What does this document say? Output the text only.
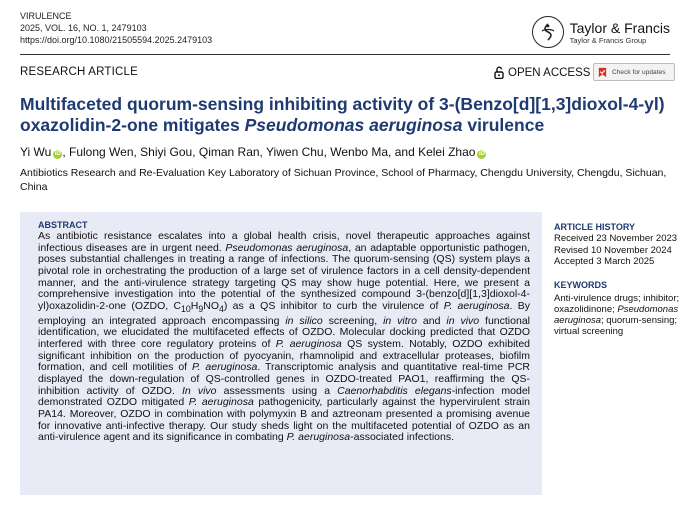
VIRULENCE
2025, VOL. 16, NO. 1, 2479103
https://doi.org/10.1080/21505594.2025.2479103
Taylor & Francis
Taylor & Francis Group
RESEARCH ARTICLE	OPEN ACCESS	Check for updates
Multifaceted quorum-sensing inhibiting activity of 3-(Benzo[d][1,3]dioxol-4-yl) oxazolidin-2-one mitigates Pseudomonas aeruginosa virulence
Yi Wu iD , Fulong Wen, Shiyi Gou, Qiman Ran, Yiwen Chu, Wenbo Ma, and Kelei Zhao iD
Antibiotics Research and Re-Evaluation Key Laboratory of Sichuan Province, School of Pharmacy, Chengdu University, Chengdu, Sichuan, China
ABSTRACT

As antibiotic resistance escalates into a global health crisis, novel therapeutic approaches against infectious diseases are in urgent need. Pseudomonas aeruginosa, an adaptable opportunistic pathogen, poses substantial challenges in treating a range of infections. The quorum-sensing (QS) system plays a pivotal role in orchestrating the production of a large set of virulence factors in a cell density-dependent manner, and the anti-virulence strategy targeting QS may show huge potential. Here, we present a comprehensive investigation into the potential of the synthesized compound 3-(benzo[d][1,3]dioxol-4-yl)oxazolidin-2-one (OZDO, $C_{10}H_9NO_4$) as a QS inhibitor to curb the virulence of P. aeruginosa. By employing an integrated approach encompassing in silico screening, in vitro and in vivo functional identification, we elucidated the multifaceted effects of OZDO. Molecular docking predicted that OZDO interfered with three core regulatory proteins of P. aeruginosa QS system. Notably, OZDO exhibited significant inhibition on the production of pyocyanin, rhamnolipid and extracellular proteases, biofilm formation, and cell motilities of P. aeruginosa. Transcriptomic analysis and quantitative real-time PCR displayed the down-regulation of QS-controlled genes in OZDO-treated PAO1, reaffirming the QS-inhibition activity of OZDO. In vivo assessments using a Caenorhabditis elegans-infection model demonstrated OZDO mitigated P. aeruginosa pathogenicity, particularly against the hypervirulent strain PA14. Moreover, OZDO in combination with polymyxin B and aztreonam presented a promising avenue for innovative anti-infective therapy. Our study sheds light on the multifaceted potential of OZDO as an anti-virulence agent and its significance in combating P. aeruginosa-associated infections.

ARTICLE HISTORY
Received 23 November 2023
Revised 10 November 2024
Accepted 3 March 2025
KEYWORDS
Anti-virulence drugs; inhibitor; oxazolidinone; Pseudomonas aeruginosa; quorum-sensing; virtual screening
